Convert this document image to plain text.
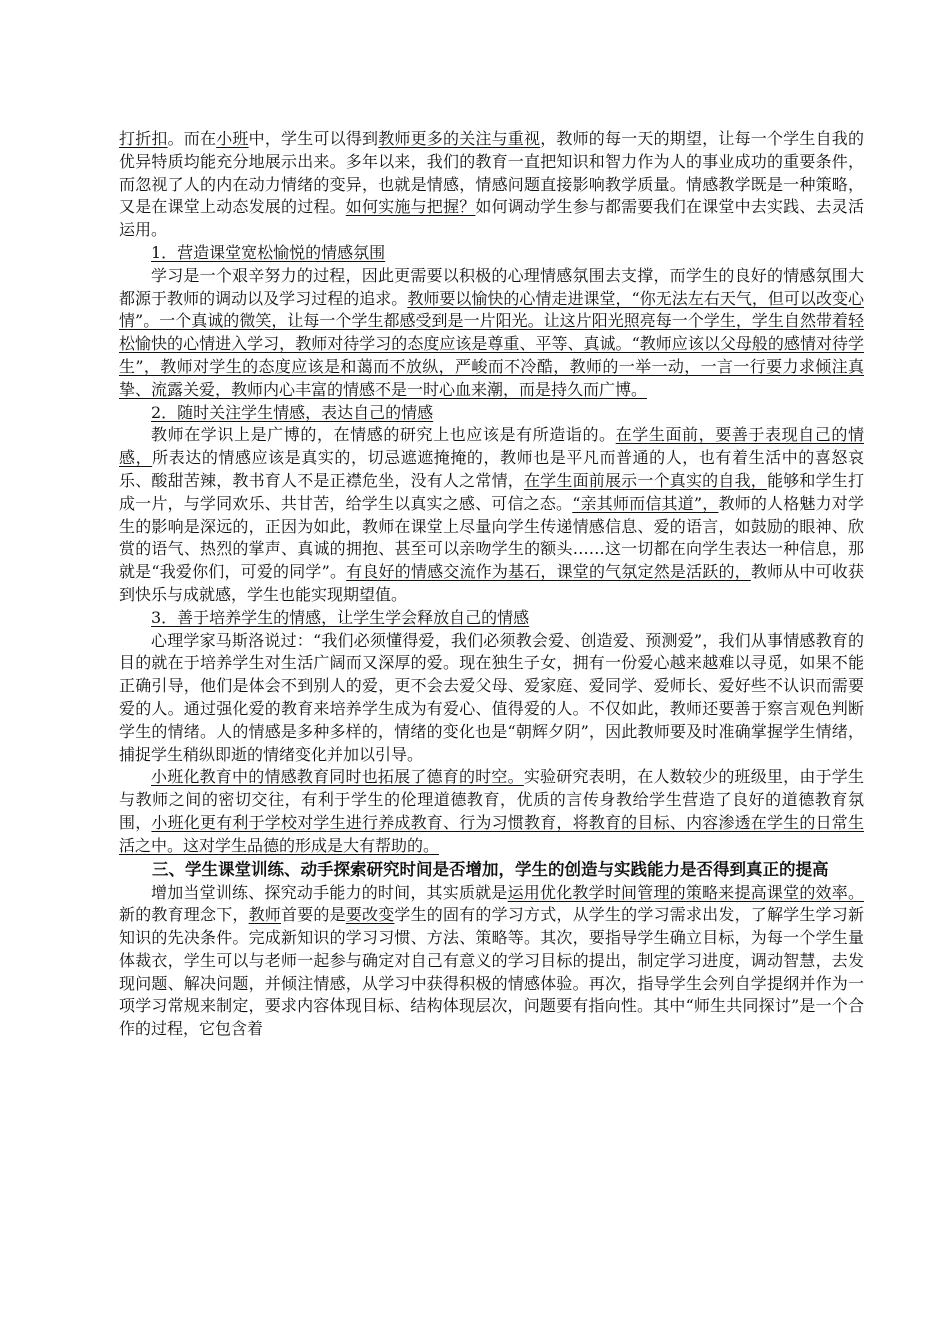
打折扣。而在小班中，学生可以得到教师更多的关注与重视，教师的每一天的期望，让每一个学生自我的优异特质均能充分地展示出来。多年以来，我们的教育一直把知识和智力作为人的事业成功的重要条件，而忽视了人的内在动力情绪的变异，也就是情感，情感问题直接影响教学质量。情感教学既是一种策略，又是在课堂上动态发展的过程。如何实施与把握？如何调动学生参与都需要我们在课堂中去实践、去灵活运用。

1．营造课堂宽松愉悦的情感氛围

学习是一个艰辛努力的过程，因此更需要以积极的心理情感氛围去支撑，而学生的良好的情感氛围大都源于教师的调动以及学习过程的追求。教师要以愉快的心情走进课堂，“你无法左右天气，但可以改变心情”。一个真诚的微笑，让每一个学生都感受到是一片阳光。让这片阳光照亮每一个学生，学生自然带着轻松愉快的心情进入学习，教师对待学习的态度应该是尊重、平等、真诚。“教师应该以父母般的感情对待学生”，教师对学生的态度应该是和蔼而不放纵，严峻而不冷酷，教师的一举一动，一言一行要力求倾注真挚、流露关爱，教师内心丰富的情感不是一时心血来潮，而是持久而广博。

2．随时关注学生情感，表达自己的情感

教师在学识上是广博的，在情感的研究上也应该是有所造诣的。在学生面前，要善于表现自己的情感，所表达的情感应该是真实的，切忌遮遮掩掩的，教师也是平凡而普通的人，也有着生活中的喜怒哀乐、酸甜苦辣，教书育人不是正襟危坐，没有人之常情，在学生面前展示一个真实的自我，能够和学生打成一片，与学同欢乐、共甘苦，给学生以真实之感、可信之态。“亲其师而信其道”，教师的人格魅力对学生的影响是深远的，正因为如此，教师在课堂上尽量向学生传递情感信息、爱的语言，如鼓励的眼神、欣赏的语气、热烈的掌声、真诚的拥抱、甚至可以亲吻学生的额头……这一切都在向学生表达一种信息，那就是“我爱你们，可爱的同学”。有良好的情感交流作为基石，课堂的气氛定然是活跃的，教师从中可收获到快乐与成就感，学生也能实现期望值。

3．善于培养学生的情感，让学生学会释放自己的情感

心理学家马斯洛说过：“我们必须懂得爱，我们必须教会爱、创造爱、预测爱”，我们从事情感教育的目的就在于培养学生对生活广阔而又深厚的爱。现在独生子女，拥有一份爱心越来越难以寻觅，如果不能正确引导，他们是体会不到别人的爱，更不会去爱父母、爱家庭、爱同学、爱师长、爱好些不认识而需要爱的人。通过强化爱的教育来培养学生成为有爱心、值得爱的人。不仅如此，教师还要善于察言观色判断学生的情绪。人的情感是多种多样的，情绪的变化也是“朝辉夕阴”，因此教师要及时准确掌握学生情绪，捕捉学生稍纵即逝的情绪变化并加以引导。

小班化教育中的情感教育同时也拓展了德育的时空。实验研究表明，在人数较少的班级里，由于学生与教师之间的密切交往，有利于学生的伦理道德教育，优质的言传身教给学生营造了良好的道德教育氛围，小班化更有利于学校对学生进行养成教育、行为习惯教育，将教育的目标、内容渗透在学生的日常生活之中。这对学生品德的形成是大有帮助的。

三、学生课堂训练、动手探索研究时间是否增加，学生的创造与实践能力是否得到真正的提高

增加当堂训练、探究动手能力的时间，其实质就是运用优化教学时间管理的策略来提高课堂的效率。新的教育理念下，教师首要的是要改变学生的固有的学习方式，从学生的学习需求出发，了解学生学习新知识的先决条件。完成新知识的学习习惯、方法、策略等。其次，要指导学生确立目标，为每一个学生量体裁衣，学生可以与老师一起参与确定对自己有意义的学习目标的提出，制定学习进度，调动智慧，去发现问题、解决问题，并倾注情感，从学习中获得积极的情感体验。再次，指导学生会列自学提纲并作为一项学习常规来制定，要求内容体现目标、结构体现层次，问题要有指向性。其中“师生共同探讨”是一个合作的过程，它包含着
